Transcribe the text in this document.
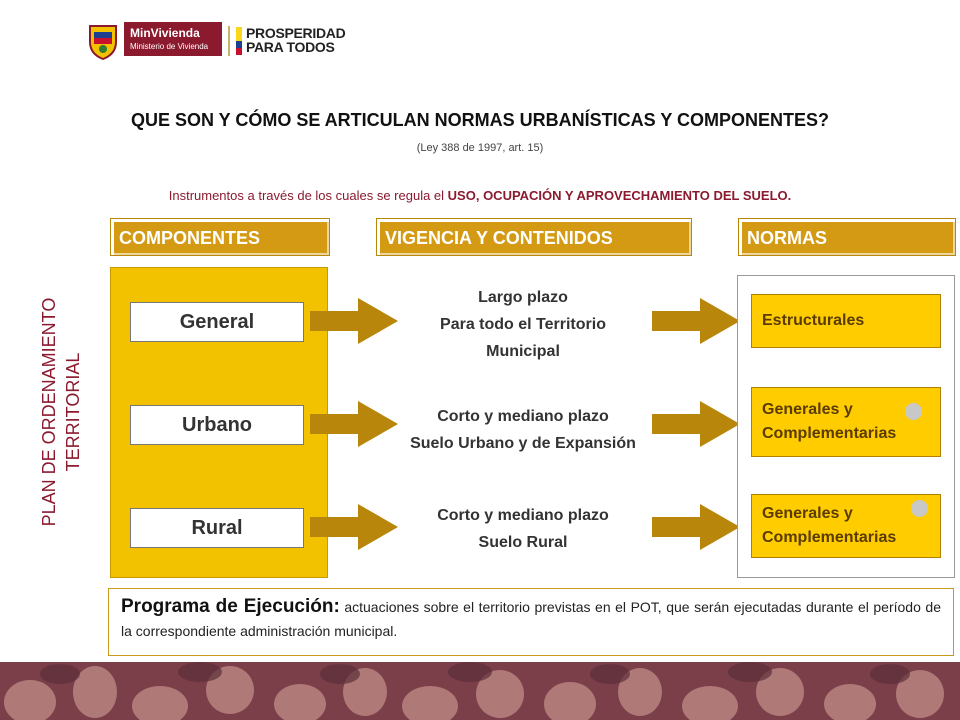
MinVivienda
Ministerio de Vivienda
PROSPERIDAD
PARA TODOS
QUE SON Y CÓMO SE ARTICULAN NORMAS URBANÍSTICAS Y COMPONENTES?
(Ley 388 de 1997, art. 15)
Instrumentos a través de los cuales se regula el USO, OCUPACIÓN Y APROVECHAMIENTO DEL SUELO.
COMPONENTES	VIGENCIA Y CONTENIDOS	NORMAS
PLAN DE ORDENAMIENTO TERRITORIAL
General
Urbano
Rural
Largo plazo
Para todo el Territorio
Municipal
Corto y mediano plazo
Suelo Urbano y de Expansión
Corto y mediano plazo
Suelo Rural
Estructurales
Generales y
Complementarias
Generales y
Complementarias
Programa de Ejecución: actuaciones sobre el territorio previstas en el POT, que serán ejecutadas durante el período de la correspondiente administración municipal.
